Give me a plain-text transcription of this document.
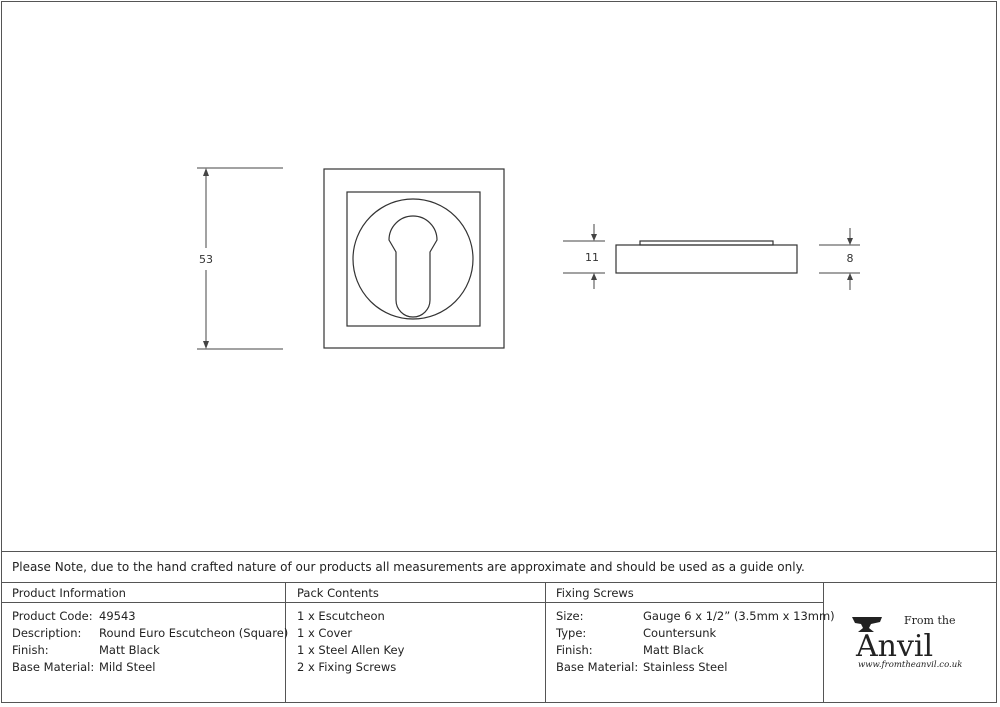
53	11	8
Please Note, due to the hand crafted nature of our products all measurements are approximate and should be used as a guide only.
Product Information
Product Code: 49543
Description: Round Euro Escutcheon (Square)
Finish:	Matt Black
Base Material: Mild Steel
Pack Contents
1 x Escutcheon
1 x Cover
1 x Steel Allen Key
2 x Fixing Screws
Fixing Screws
Size:	Gauge 6 x 1/2” (3.5mm x 13mm)
Type:	Countersunk
Finish:	Matt Black
Base Material: Stainless Steel
From the
Anvil
www.fromtheanvil.co.uk
